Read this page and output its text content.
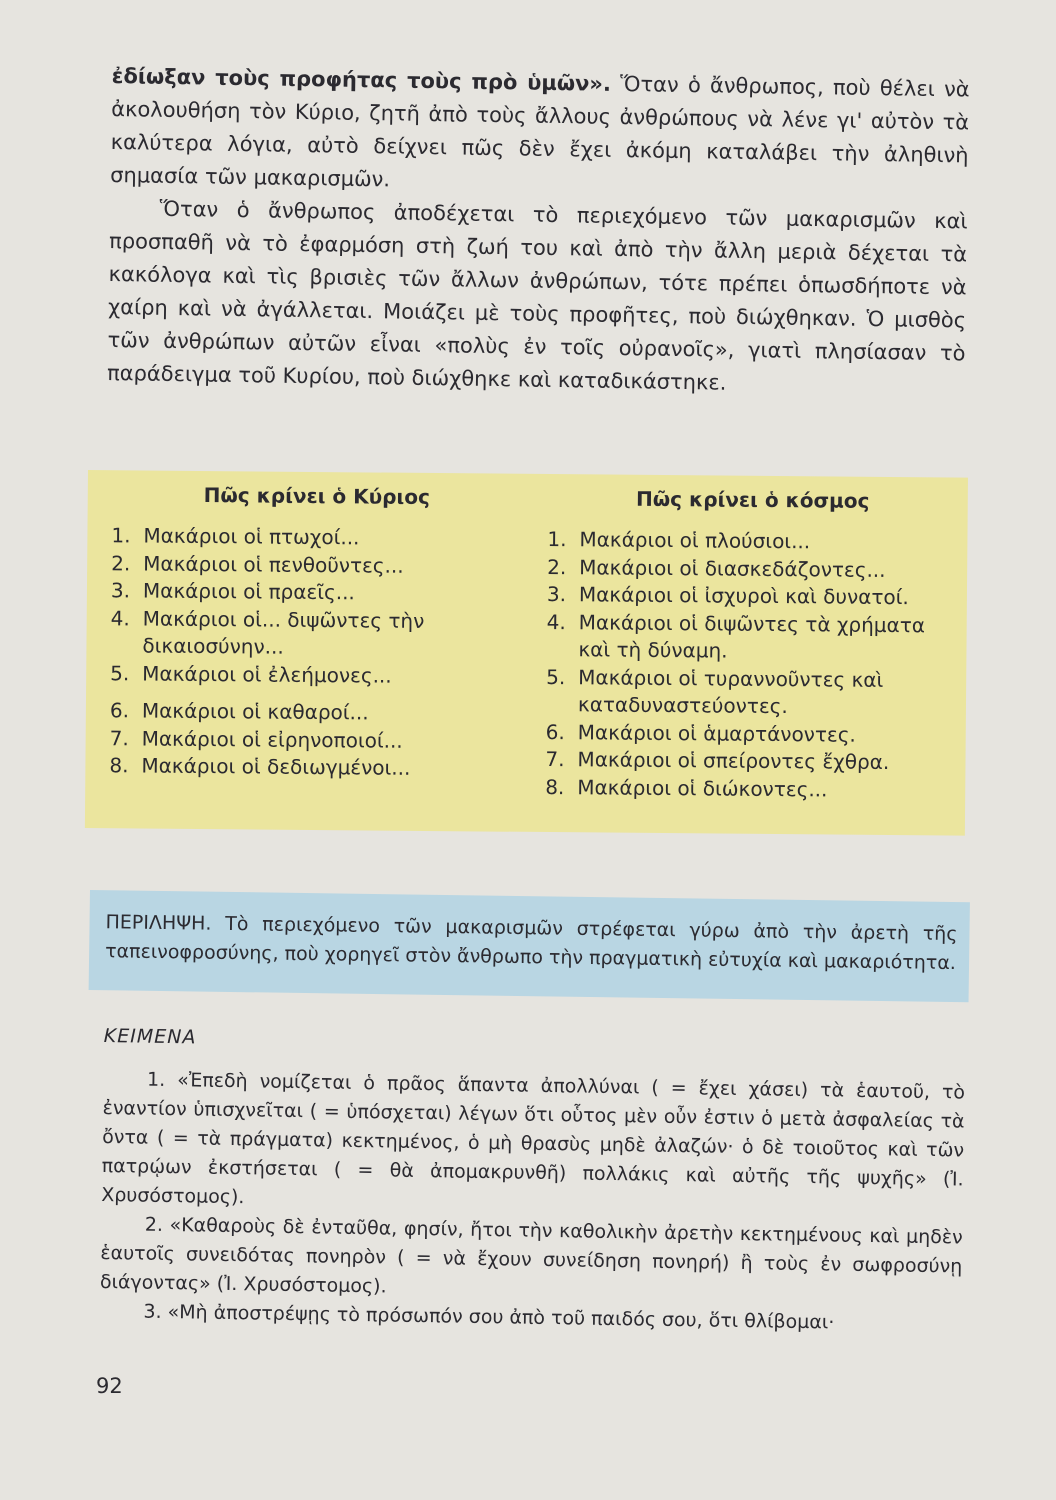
ἐδίωξαν τοὺς προφήτας τοὺς πρὸ ὑμῶν». Ὅταν ὁ ἄνθρωπος, ποὺ θέλει νὰ ἀκολουθήση τὸν Κύριο, ζητῆ ἀπὸ τοὺς ἄλλους ἀνθρώπους νὰ λένε γι' αὐτὸν τὰ καλύτερα λόγια, αὐτὸ δείχνει πῶς δὲν ἔχει ἀκόμη καταλάβει τὴν ἀληθινὴ σημασία τῶν μακαρισμῶν.

Ὅταν ὁ ἄνθρωπος ἀποδέχεται τὸ περιεχόμενο τῶν μακαρισμῶν καὶ προσπαθῆ νὰ τὸ ἐφαρμόση στὴ ζωή του καὶ ἀπὸ τὴν ἄλλη μεριὰ δέχεται τὰ κακόλογα καὶ τὶς βρισιὲς τῶν ἄλλων ἀνθρώπων, τότε πρέπει ὁπωσδήποτε νὰ χαίρη καὶ νὰ ἀγάλλεται. Μοιάζει μὲ τοὺς προφῆτες, ποὺ διώχθηκαν. Ὁ μισθὸς τῶν ἀνθρώπων αὐτῶν εἶναι «πολὺς ἐν τοῖς οὐρανοῖς», γιατὶ πλησίασαν τὸ παράδειγμα τοῦ Κυρίου, ποὺ διώχθηκε καὶ καταδικάστηκε.

Πῶς κρίνει ὁ Κύριος
1. Μακάριοι οἱ πτωχοί...
2. Μακάριοι οἱ πενθοῦντες...
3. Μακάριοι οἱ πραεῖς...
4. Μακάριοι οἱ... διψῶντες τὴν δικαιοσύνην...
5. Μακάριοι οἱ ἐλεήμονες...
6. Μακάριοι οἱ καθαροί...
7. Μακάριοι οἱ εἰρηνοποιοί...
8. Μακάριοι οἱ δεδιωγμένοι...
Πῶς κρίνει ὁ κόσμος
1. Μακάριοι οἱ πλούσιοι...
2. Μακάριοι οἱ διασκεδάζοντες...
3. Μακάριοι οἱ ἰσχυροὶ καὶ δυνατοί.
4. Μακάριοι οἱ διψῶντες τὰ χρήματα καὶ τὴ δύναμη.
5. Μακάριοι οἱ τυραννοῦντες καὶ καταδυναστεύοντες.
6. Μακάριοι οἱ ἁμαρτάνοντες.
7. Μακάριοι οἱ σπείροντες ἔχθρα.
8. Μακάριοι οἱ διώκοντες...

ΠΕΡΙΛΗΨΗ. Τὸ περιεχόμενο τῶν μακαρισμῶν στρέφεται γύρω ἀπὸ τὴν ἀρετὴ τῆς ταπεινοφροσύνης, ποὺ χορηγεῖ στὸν ἄνθρωπο τὴν πραγματικὴ εὐτυχία καὶ μακαριότητα.

ΚΕΙΜΕΝΑ

1. «Ἐπεδὴ νομίζεται ὁ πρᾶος ἅπαντα ἀπολλύναι ( = ἔχει χάσει) τὰ ἑαυτοῦ, τὸ ἐναντίον ὑπισχνεῖται ( = ὑπόσχεται) λέγων ὅτι οὗτος μὲν οὖν ἐστιν ὁ μετὰ ἀσφαλείας τὰ ὄντα ( = τὰ πράγματα) κεκτημένος, ὁ μὴ θρασὺς μηδὲ ἀλαζών· ὁ δὲ τοιοῦτος καὶ τῶν πατρῴων ἐκστήσεται ( = θὰ ἀπομακρυνθῆ) πολλάκις καὶ αὐτῆς τῆς ψυχῆς» (Ἰ. Χρυσόστομος).

2. «Καθαροὺς δὲ ἐνταῦθα, φησίν, ἤτοι τὴν καθολικὴν ἀρετὴν κεκτημένους καὶ μηδὲν ἑαυτοῖς συνειδότας πονηρὸν ( = νὰ ἔχουν συνείδηση πονηρή) ἢ τοὺς ἐν σωφροσύνῃ διάγοντας» (Ἰ. Χρυσόστομος).

3. «Μὴ ἀποστρέψῃς τὸ πρόσωπόν σου ἀπὸ τοῦ παιδός σου, ὅτι θλίβομαι·

92
